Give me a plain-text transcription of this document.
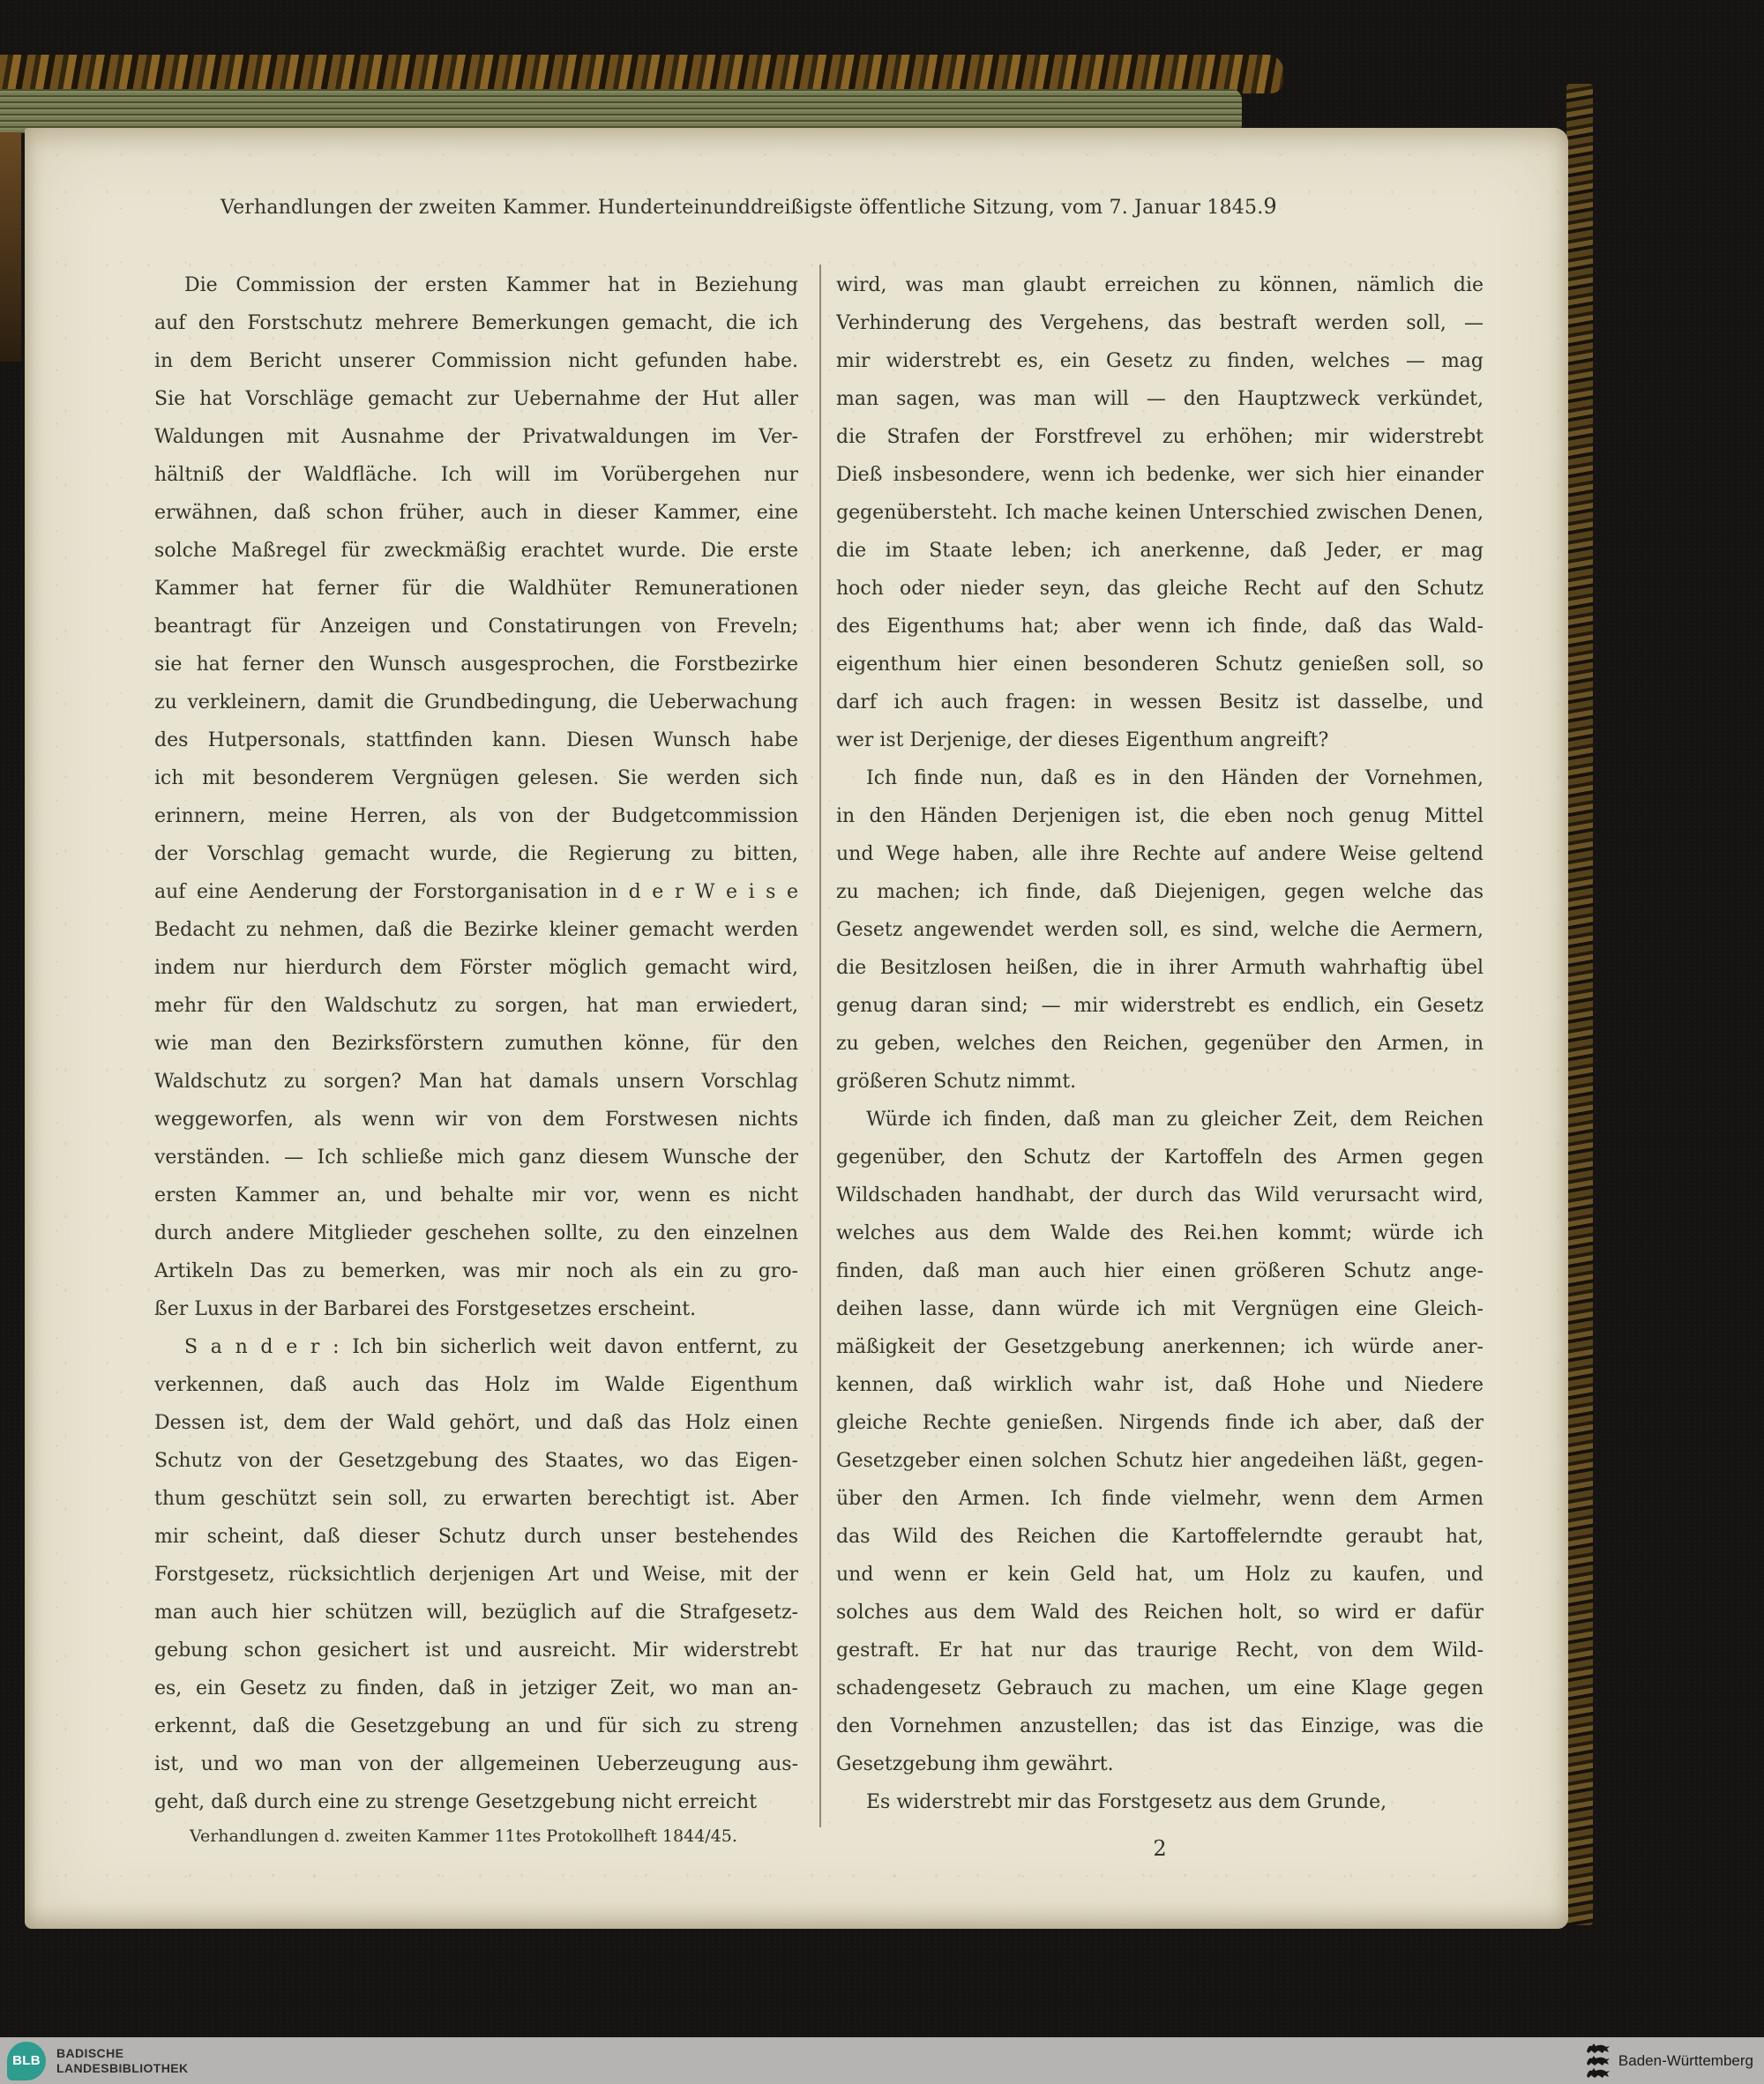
Verhandlungen der zweiten Kammer. Hunderteinunddreißigste öffentliche Sitzung, vom 7. Januar 1845. 9
Die Commission der ersten Kammer hat in Beziehung
auf den Forstschutz mehrere Bemerkungen gemacht, die ich
in dem Bericht unserer Commission nicht gefunden habe.
Sie hat Vorschläge gemacht zur Uebernahme der Hut aller
Waldungen mit Ausnahme der Privatwaldungen im Ver-
hältniß der Waldfläche. Ich will im Vorübergehen nur
erwähnen, daß schon früher, auch in dieser Kammer, eine
solche Maßregel für zweckmäßig erachtet wurde. Die erste
Kammer hat ferner für die Waldhüter Remunerationen
beantragt für Anzeigen und Constatirungen von Freveln;
sie hat ferner den Wunsch ausgesprochen, die Forstbezirke
zu verkleinern, damit die Grundbedingung, die Ueberwachung
des Hutpersonals, stattfinden kann. Diesen Wunsch habe
ich mit besonderem Vergnügen gelesen. Sie werden sich
erinnern, meine Herren, als von der Budgetcommission
der Vorschlag gemacht wurde, die Regierung zu bitten,
auf eine Aenderung der Forstorganisation in d e r W e i s e
Bedacht zu nehmen, daß die Bezirke kleiner gemacht werden
indem nur hierdurch dem Förster möglich gemacht wird,
mehr für den Waldschutz zu sorgen, hat man erwiedert,
wie man den Bezirksförstern zumuthen könne, für den
Waldschutz zu sorgen? Man hat damals unsern Vorschlag
weggeworfen, als wenn wir von dem Forstwesen nichts
verständen. — Ich schließe mich ganz diesem Wunsche der
ersten Kammer an, und behalte mir vor, wenn es nicht
durch andere Mitglieder geschehen sollte, zu den einzelnen
Artikeln Das zu bemerken, was mir noch als ein zu gro-
ßer Luxus in der Barbarei des Forstgesetzes erscheint.
S a n d e r : Ich bin sicherlich weit davon entfernt, zu
verkennen, daß auch das Holz im Walde Eigenthum
Dessen ist, dem der Wald gehört, und daß das Holz einen
Schutz von der Gesetzgebung des Staates, wo das Eigen-
thum geschützt sein soll, zu erwarten berechtigt ist. Aber
mir scheint, daß dieser Schutz durch unser bestehendes
Forstgesetz, rücksichtlich derjenigen Art und Weise, mit der
man auch hier schützen will, bezüglich auf die Strafgesetz-
gebung schon gesichert ist und ausreicht. Mir widerstrebt
es, ein Gesetz zu finden, daß in jetziger Zeit, wo man an-
erkennt, daß die Gesetzgebung an und für sich zu streng
ist, und wo man von der allgemeinen Ueberzeugung aus-
geht, daß durch eine zu strenge Gesetzgebung nicht erreicht
wird, was man glaubt erreichen zu können, nämlich die
Verhinderung des Vergehens, das bestraft werden soll, —
mir widerstrebt es, ein Gesetz zu finden, welches — mag
man sagen, was man will — den Hauptzweck verkündet,
die Strafen der Forstfrevel zu erhöhen; mir widerstrebt
Dieß insbesondere, wenn ich bedenke, wer sich hier einander
gegenübersteht. Ich mache keinen Unterschied zwischen Denen,
die im Staate leben; ich anerkenne, daß Jeder, er mag
hoch oder nieder seyn, das gleiche Recht auf den Schutz
des Eigenthums hat; aber wenn ich finde, daß das Wald-
eigenthum hier einen besonderen Schutz genießen soll, so
darf ich auch fragen: in wessen Besitz ist dasselbe, und
wer ist Derjenige, der dieses Eigenthum angreift?
Ich finde nun, daß es in den Händen der Vornehmen,
in den Händen Derjenigen ist, die eben noch genug Mittel
und Wege haben, alle ihre Rechte auf andere Weise geltend
zu machen; ich finde, daß Diejenigen, gegen welche das
Gesetz angewendet werden soll, es sind, welche die Aermern,
die Besitzlosen heißen, die in ihrer Armuth wahrhaftig übel
genug daran sind; — mir widerstrebt es endlich, ein Gesetz
zu geben, welches den Reichen, gegenüber den Armen, in
größeren Schutz nimmt.
Würde ich finden, daß man zu gleicher Zeit, dem Reichen
gegenüber, den Schutz der Kartoffeln des Armen gegen
Wildschaden handhabt, der durch das Wild verursacht wird,
welches aus dem Walde des Rei.hen kommt; würde ich
finden, daß man auch hier einen größeren Schutz ange-
deihen lasse, dann würde ich mit Vergnügen eine Gleich-
mäßigkeit der Gesetzgebung anerkennen; ich würde aner-
kennen, daß wirklich wahr ist, daß Hohe und Niedere
gleiche Rechte genießen. Nirgends finde ich aber, daß der
Gesetzgeber einen solchen Schutz hier angedeihen läßt, gegen-
über den Armen. Ich finde vielmehr, wenn dem Armen
das Wild des Reichen die Kartoffelerndte geraubt hat,
und wenn er kein Geld hat, um Holz zu kaufen, und
solches aus dem Wald des Reichen holt, so wird er dafür
gestraft. Er hat nur das traurige Recht, von dem Wild-
schadengesetz Gebrauch zu machen, um eine Klage gegen
den Vornehmen anzustellen; das ist das Einzige, was die
Gesetzgebung ihm gewährt.
Es widerstrebt mir das Forstgesetz aus dem Grunde,
Verhandlungen d. zweiten Kammer 11tes Protokollheft 1844/45.	2
BLB
BADISCHE
LANDESBIBLIOTHEK	Baden-Württemberg
